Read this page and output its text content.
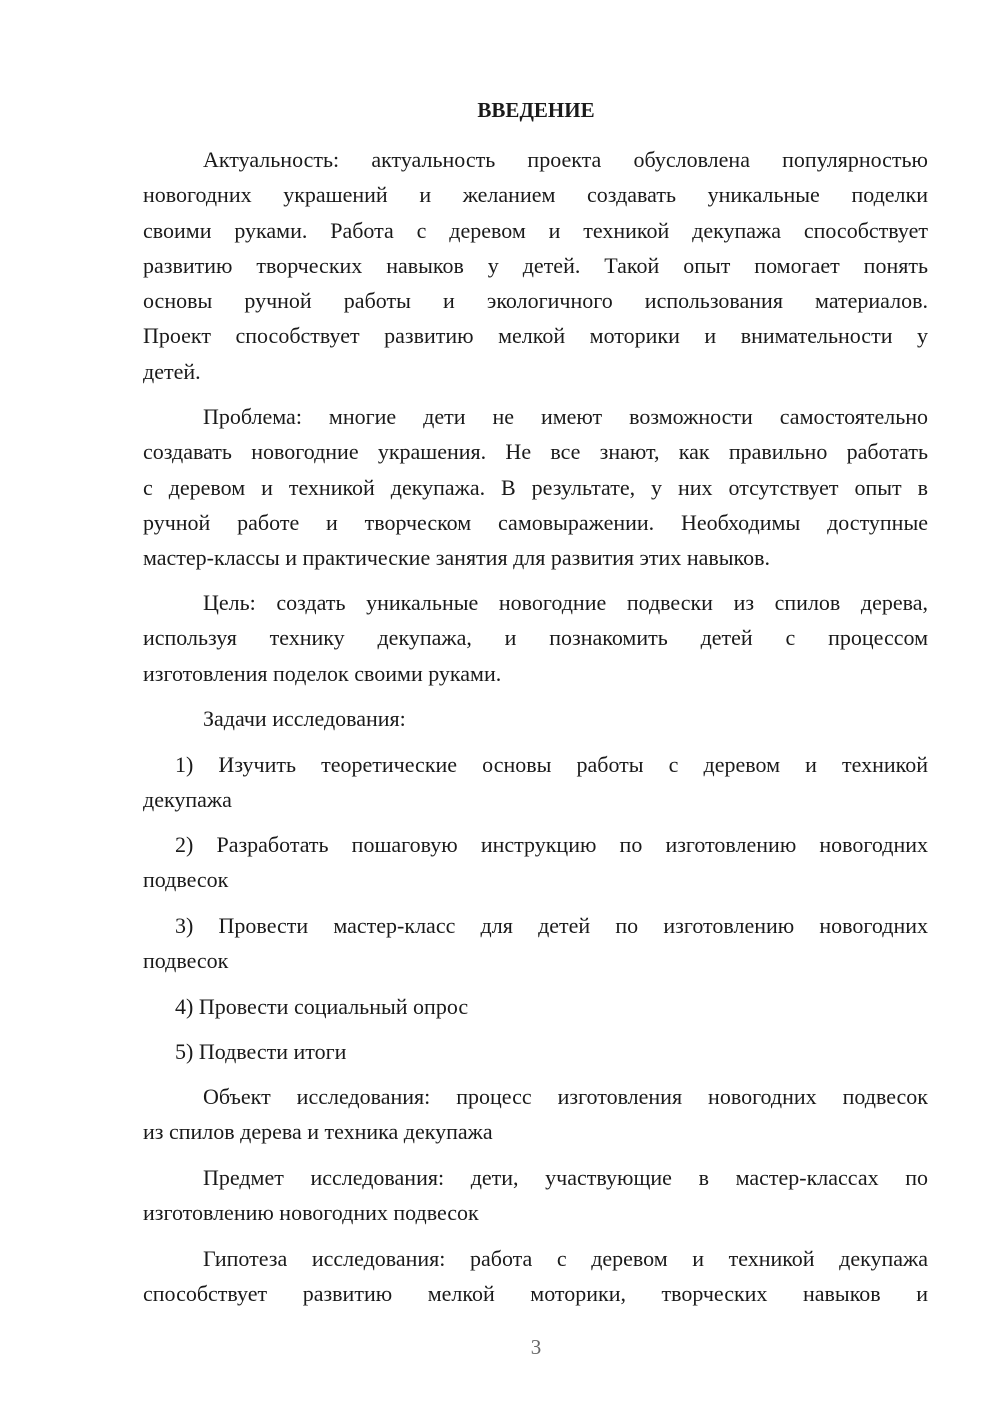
ВВЕДЕНИЕ
Актуальность: актуальность проекта обусловлена популярностью
новогодних украшений и желанием создавать уникальные поделки
своими руками. Работа с деревом и техникой декупажа способствует
развитию творческих навыков у детей. Такой опыт помогает понять
основы ручной работы и экологичного использования материалов.
Проект способствует развитию мелкой моторики и внимательности у
детей.
Проблема: многие дети не имеют возможности самостоятельно
создавать новогодние украшения. Не все знают, как правильно работать
с деревом и техникой декупажа. В результате, у них отсутствует опыт в
ручной работе и творческом самовыражении. Необходимы доступные
мастер-классы и практические занятия для развития этих навыков.
Цель: создать уникальные новогодние подвески из спилов дерева,
используя технику декупажа, и познакомить детей с процессом
изготовления поделок своими руками.
Задачи исследования:
1) Изучить теоретические основы работы с деревом и техникой
декупажа
2) Разработать пошаговую инструкцию по изготовлению новогодних
подвесок
3) Провести мастер-класс для детей по изготовлению новогодних
подвесок
4) Провести социальный опрос
5) Подвести итоги
Объект исследования: процесс изготовления новогодних подвесок
из спилов дерева и техника декупажа
Предмет исследования: дети, участвующие в мастер-классах по
изготовлению новогодних подвесок
Гипотеза исследования: работа с деревом и техникой декупажа
способствует развитию мелкой моторики, творческих навыков и
3
